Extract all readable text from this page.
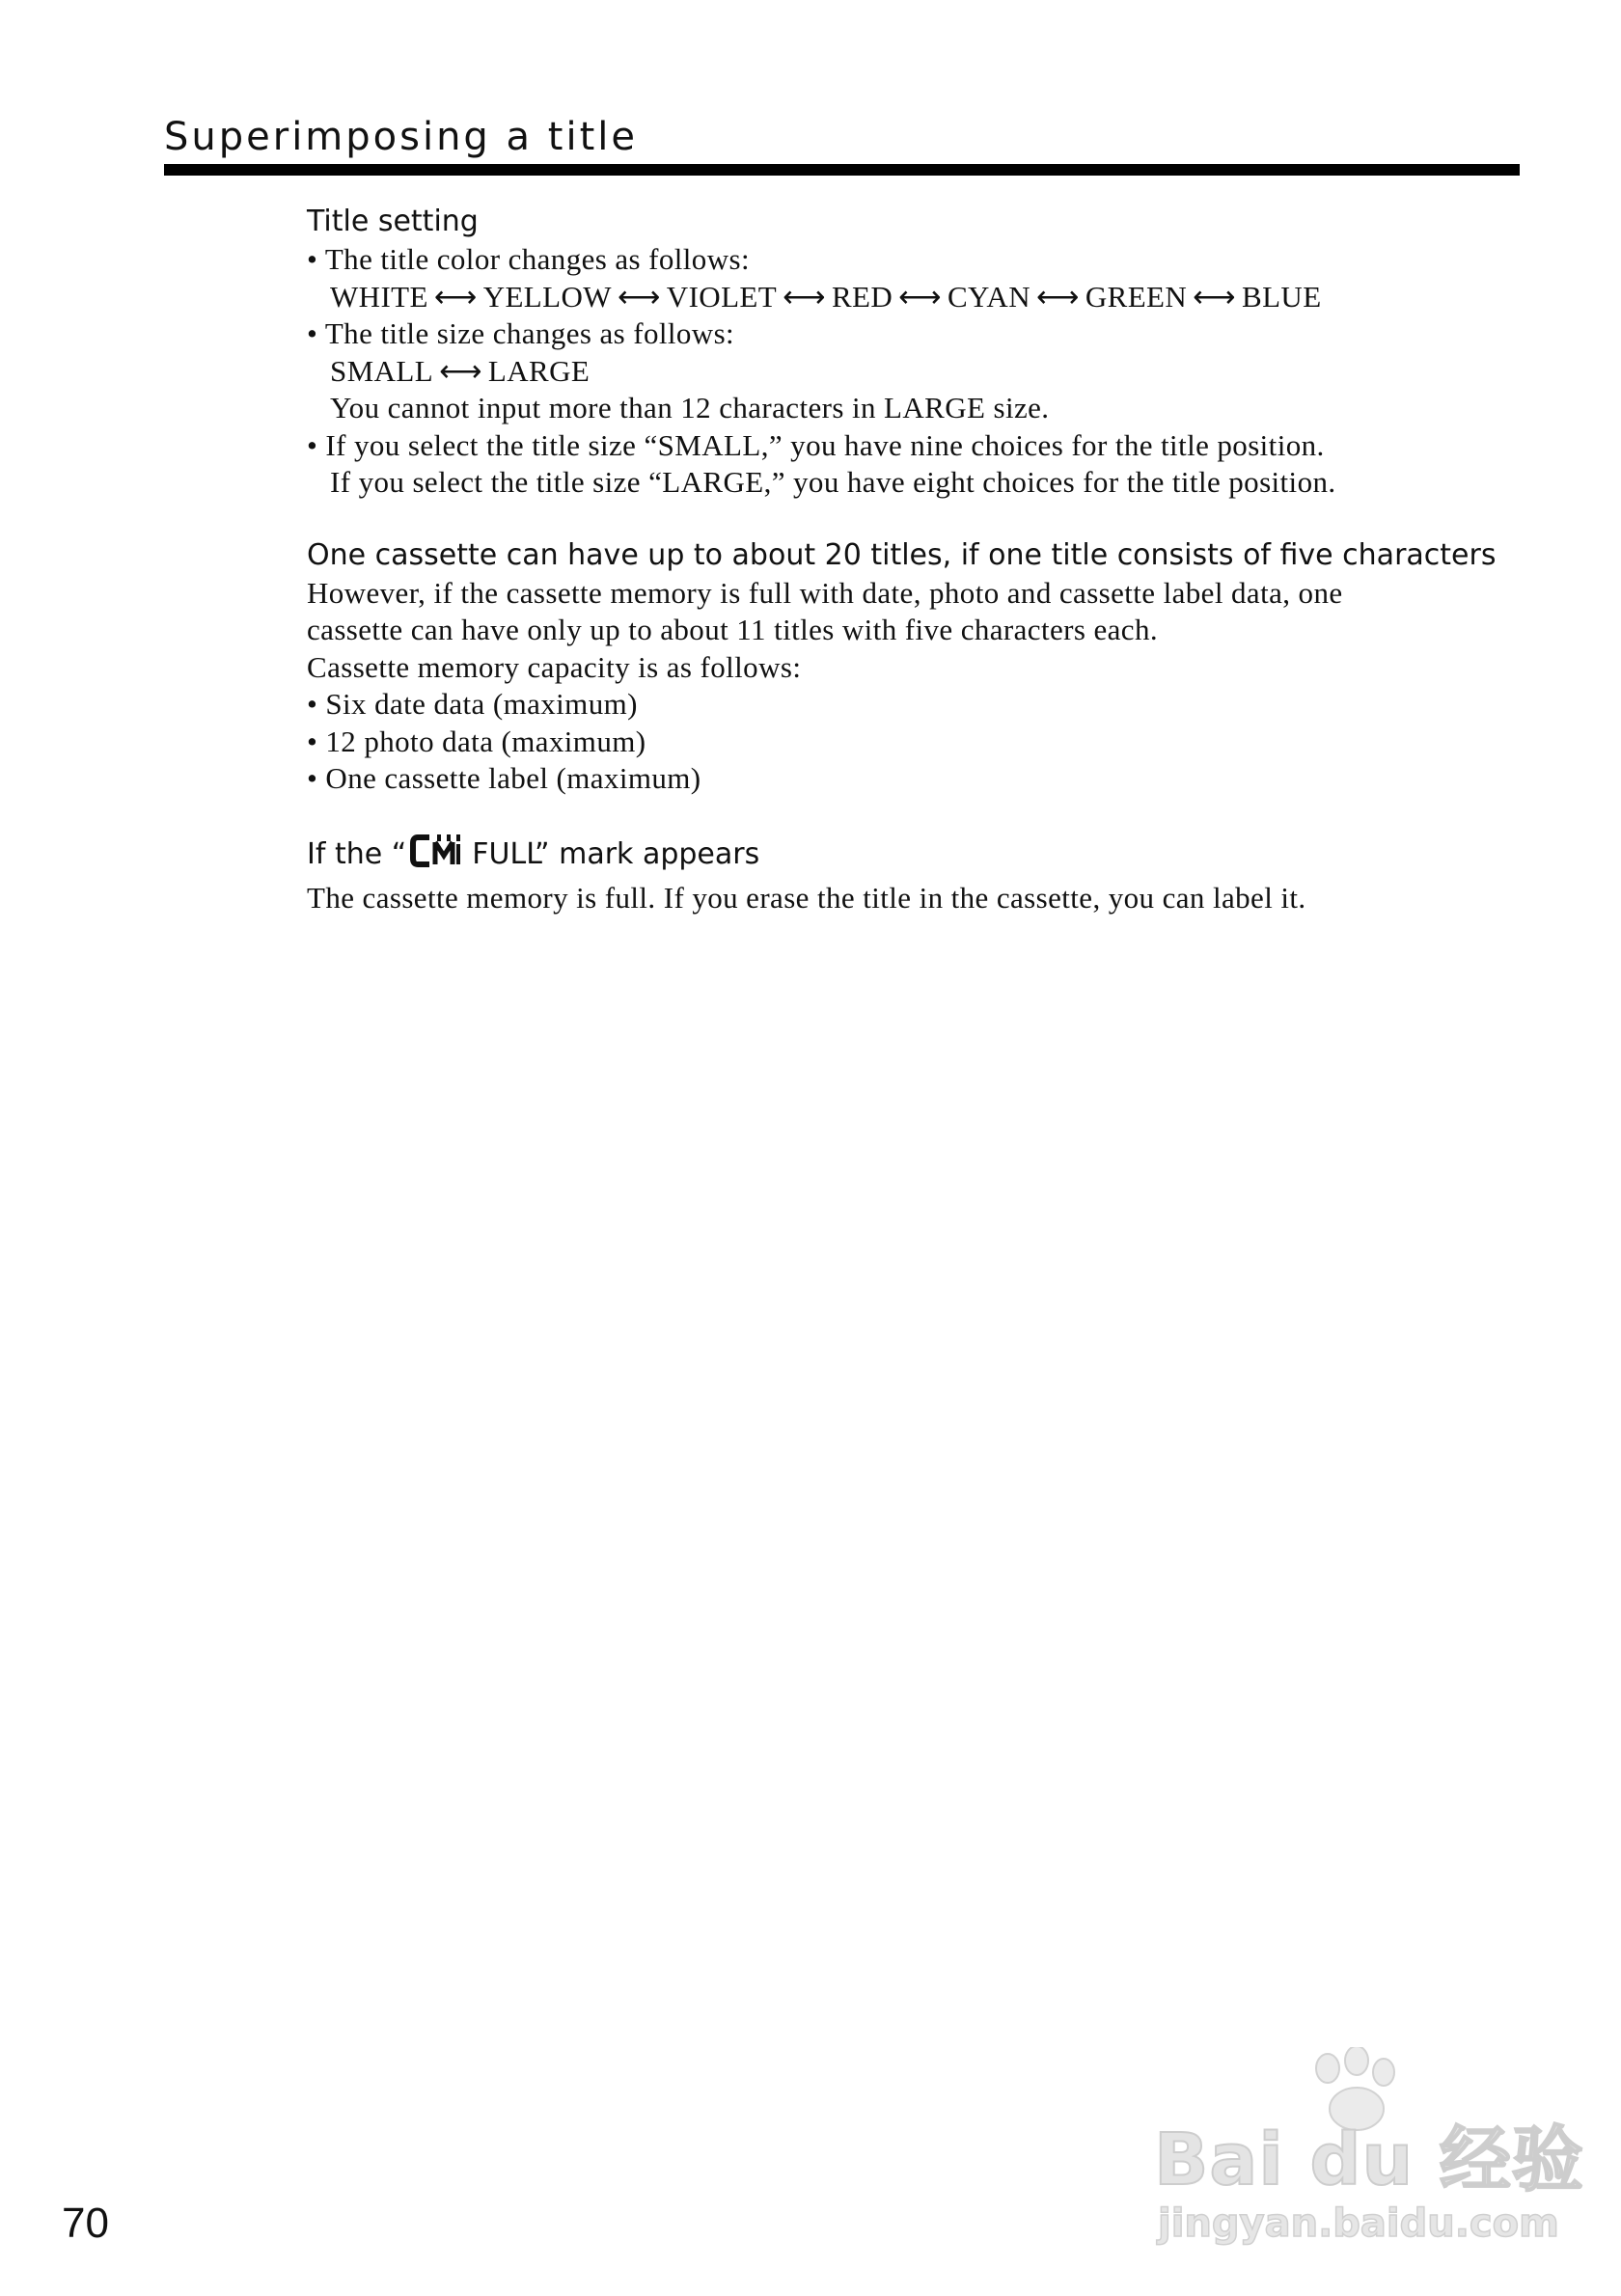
Superimposing a title
Title setting
• The title color changes as follows:
WHITE ⟷ YELLOW ⟷ VIOLET ⟷ RED ⟷ CYAN ⟷ GREEN ⟷ BLUE
• The title size changes as follows:
SMALL ⟷ LARGE
You cannot input more than 12 characters in LARGE size.
• If you select the title size “SMALL,” you have nine choices for the title position.
If you select the title size “LARGE,” you have eight choices for the title position.
One cassette can have up to about 20 titles, if one title consists of five characters
However, if the cassette memory is full with date, photo and cassette label data, one
cassette can have only up to about 11 titles with five characters each.
Cassette memory capacity is as follows:
• Six date data (maximum)
• 12 photo data (maximum)
• One cassette label (maximum)
If the “ FULL” mark appears
The cassette memory is full. If you erase the title in the cassette, you can label it.
70
Bai du 经验
jingyan.baidu.com
